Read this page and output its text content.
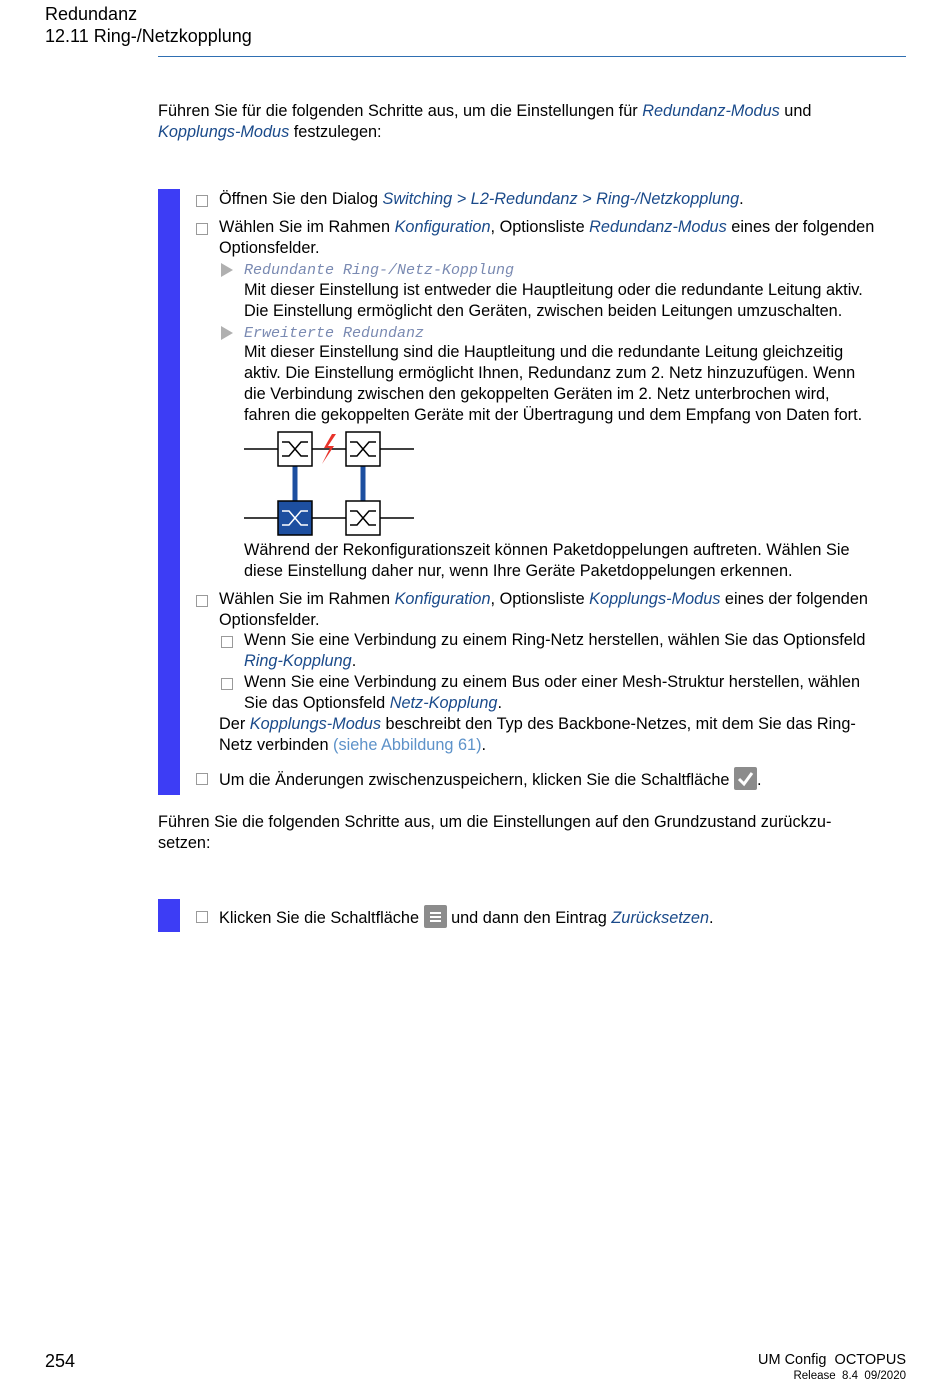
Redundanz
12.11 Ring-/Netzkopplung
Führen Sie für die folgenden Schritte aus, um die Einstellungen für Redundanz-Modus und
Kopplungs-Modus festzulegen:
Öffnen Sie den Dialog Switching > L2-Redundanz > Ring-/Netzkopplung.
Wählen Sie im Rahmen Konfiguration, Optionsliste Redundanz-Modus eines der folgenden
Optionsfelder.
Redundante Ring-/Netz-Kopplung
Mit dieser Einstellung ist entweder die Hauptleitung oder die redundante Leitung aktiv.
Die Einstellung ermöglicht den Geräten, zwischen beiden Leitungen umzuschalten.
Erweiterte Redundanz
Mit dieser Einstellung sind die Hauptleitung und die redundante Leitung gleichzeitig
aktiv. Die Einstellung ermöglicht Ihnen, Redundanz zum 2. Netz hinzuzufügen. Wenn
die Verbindung zwischen den gekoppelten Geräten im 2. Netz unterbrochen wird,
fahren die gekoppelten Geräte mit der Übertragung und dem Empfang von Daten fort.
Während der Rekonfigurationszeit können Paketdoppelungen auftreten. Wählen Sie
diese Einstellung daher nur, wenn Ihre Geräte Paketdoppelungen erkennen.
Wählen Sie im Rahmen Konfiguration, Optionsliste Kopplungs-Modus eines der folgenden
Optionsfelder.
Wenn Sie eine Verbindung zu einem Ring-Netz herstellen, wählen Sie das Optionsfeld
Ring-Kopplung.
Wenn Sie eine Verbindung zu einem Bus oder einer Mesh-Struktur herstellen, wählen
Sie das Optionsfeld Netz-Kopplung.
Der Kopplungs-Modus beschreibt den Typ des Backbone-Netzes, mit dem Sie das Ring-
Netz verbinden (siehe Abbildung 61).
Um die Änderungen zwischenzuspeichern, klicken Sie die Schaltfläche
.
Führen Sie die folgenden Schritte aus, um die Einstellungen auf den Grundzustand zurückzu-
setzen:
Klicken Sie die Schaltfläche
und dann den Eintrag Zurücksetzen.
254	UM Config  OCTOPUS
Release  8.4  09/2020
